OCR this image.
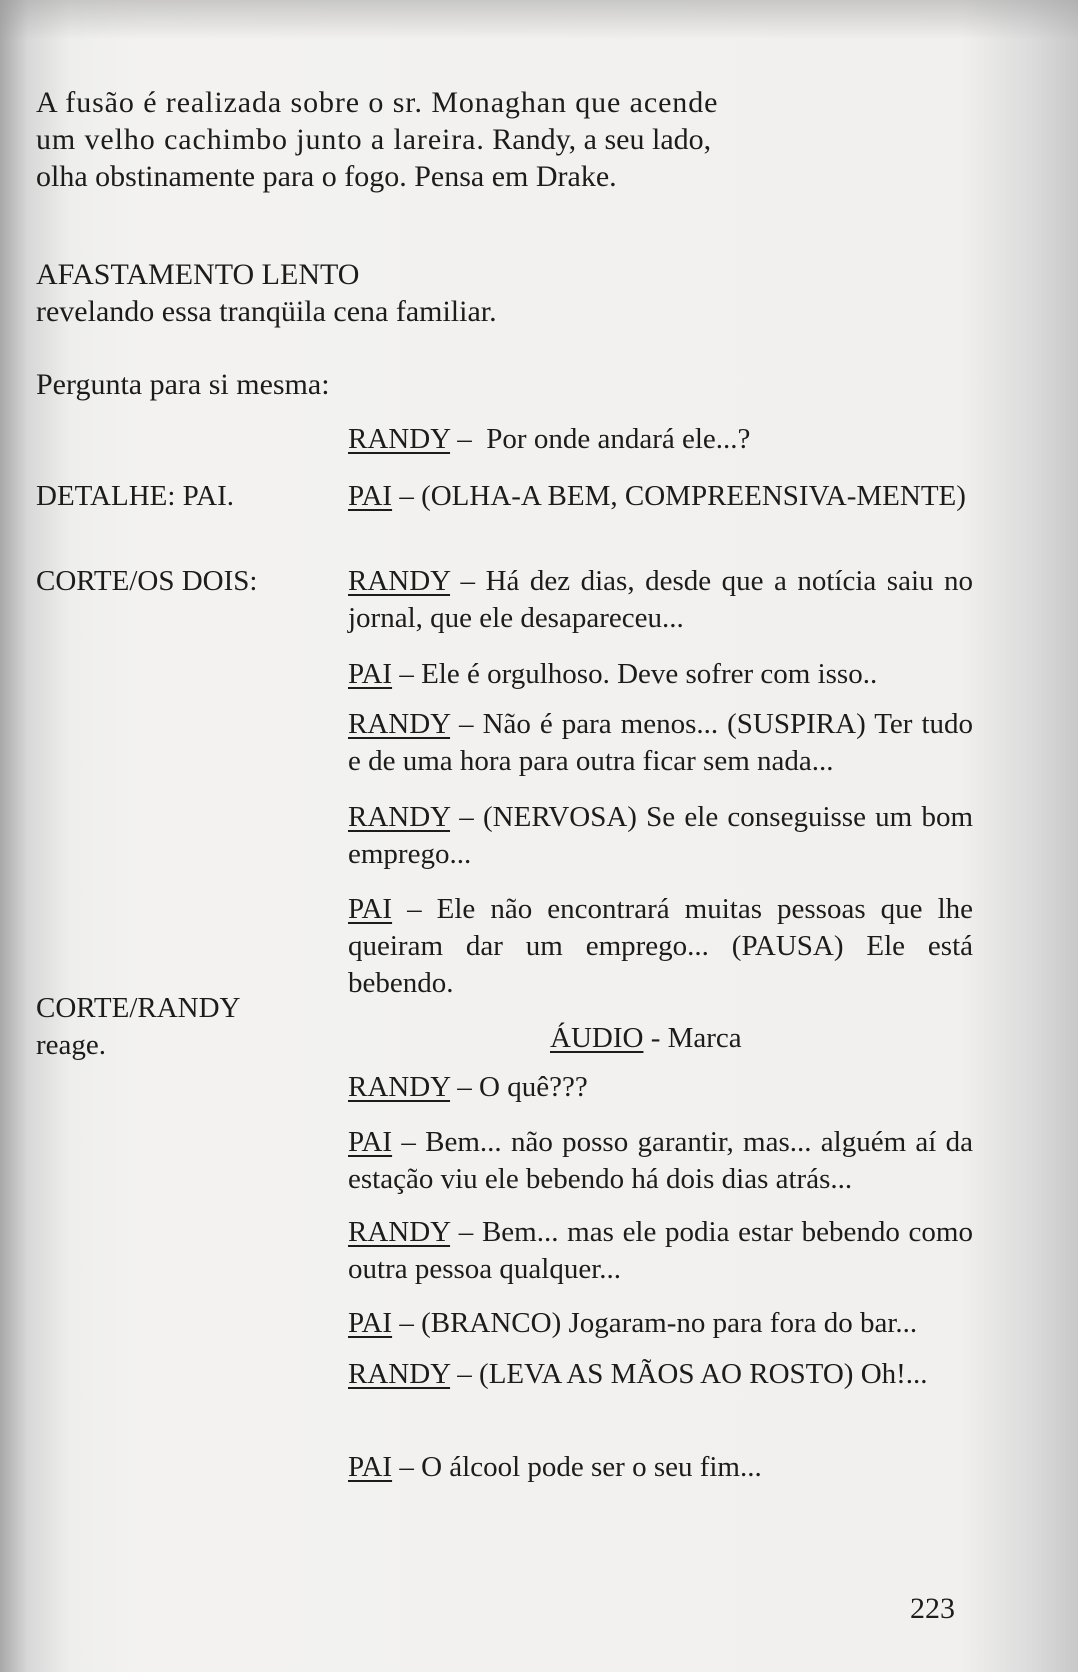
A fusão é realizada sobre o sr. Monaghan que acende um velho cachimbo junto a lareira. Randy, a seu lado, olha obstinamente para o fogo. Pensa em Drake.

AFASTAMENTO LENTO
revelando essa tranqüila cena familiar.
Pergunta para si mesma:
DETALHE: PAI.
CORTE/OS DOIS:
CORTE/RANDY
reage.
RANDY –  Por onde andará ele...?
PAI – (OLHA-A BEM, COMPREENSIVA-MENTE)
RANDY – Há dez dias, desde que a notícia saiu no jornal, que ele desapareceu...
PAI – Ele é orgulhoso. Deve sofrer com isso..
RANDY – Não é para menos... (SUSPIRA) Ter tudo e de uma hora para outra ficar sem nada...
RANDY – (NERVOSA) Se ele conseguisse um bom emprego...
PAI – Ele não encontrará muitas pessoas que lhe queiram dar um emprego... (PAUSA) Ele está bebendo.
ÁUDIO - Marca
RANDY – O quê???
PAI – Bem... não posso garantir, mas... alguém aí da estação viu ele bebendo há dois dias atrás...
RANDY – Bem... mas ele podia estar bebendo como outra pessoa qualquer...
PAI – (BRANCO) Jogaram-no para fora do bar...
RANDY – (LEVA AS MÃOS AO ROSTO) Oh!...
PAI – O álcool pode ser o seu fim...
223
